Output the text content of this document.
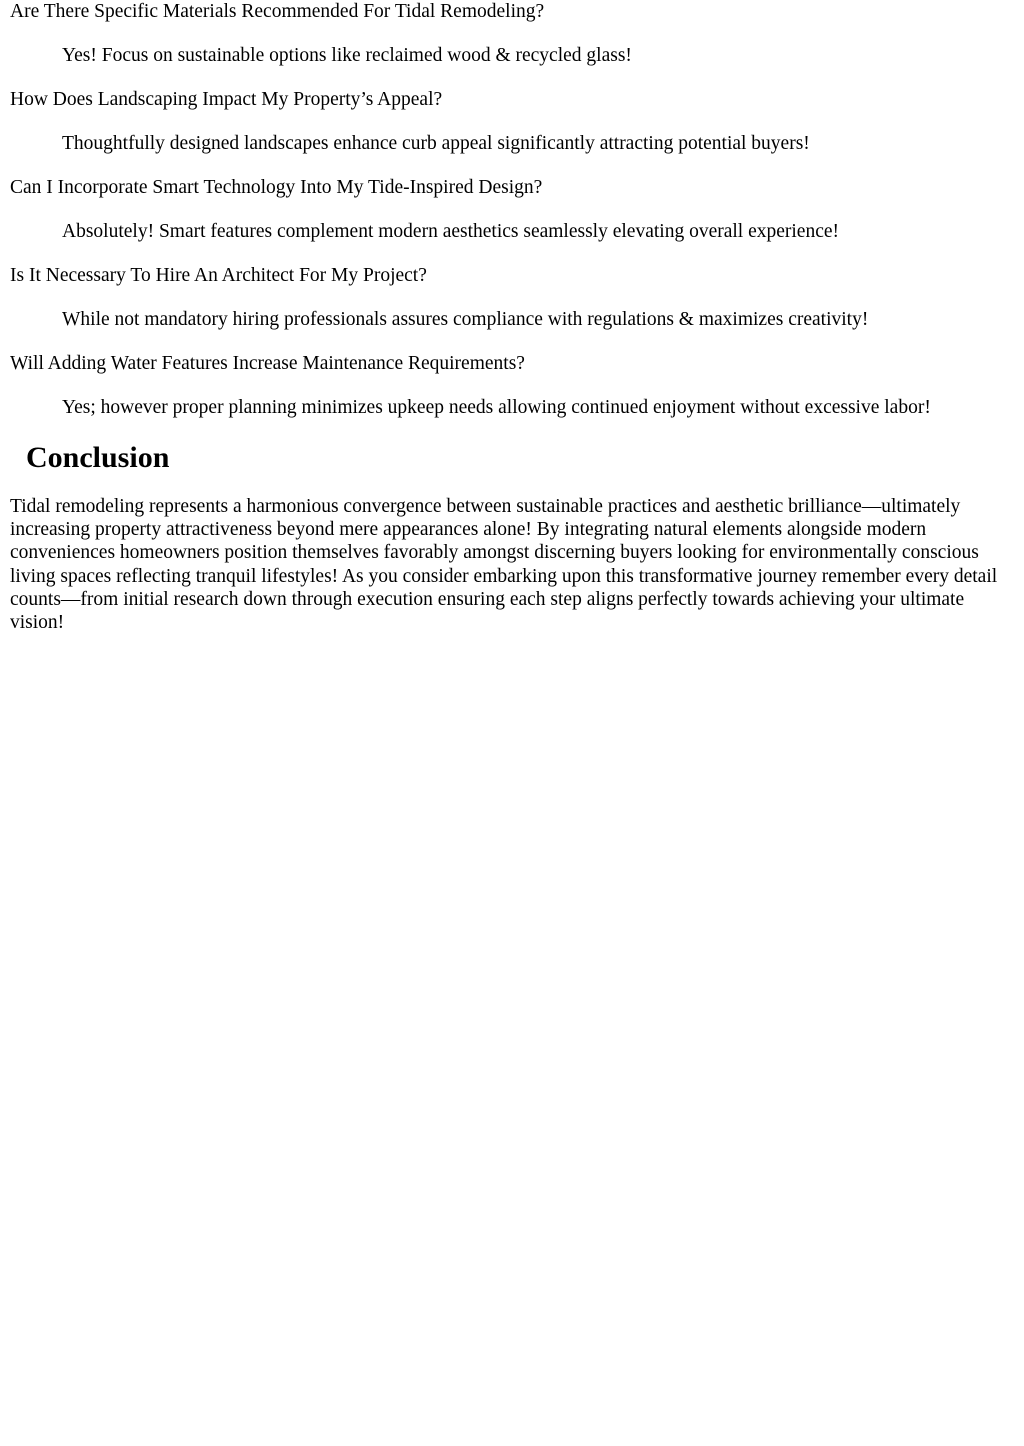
Are There Specific Materials Recommended For Tidal Remodeling?
Yes! Focus on sustainable options like reclaimed wood & recycled glass!
How Does Landscaping Impact My Property’s Appeal?
Thoughtfully designed landscapes enhance curb appeal significantly attracting potential buyers!
Can I Incorporate Smart Technology Into My Tide-Inspired Design?
Absolutely! Smart features complement modern aesthetics seamlessly elevating overall experience!
Is It Necessary To Hire An Architect For My Project?
While not mandatory hiring professionals assures compliance with regulations & maximizes creativity!
Will Adding Water Features Increase Maintenance Requirements?
Yes; however proper planning minimizes upkeep needs allowing continued enjoyment without excessive labor!
Conclusion

Tidal remodeling represents a harmonious convergence between sustainable practices and aesthetic brilliance—ultimately increasing property attractiveness beyond mere appearances alone! By integrating natural elements alongside modern conveniences homeowners position themselves favorably amongst discerning buyers looking for environmentally conscious living spaces reflecting tranquil lifestyles! As you consider embarking upon this transformative journey remember every detail counts—from initial research down through execution ensuring each step aligns perfectly towards achieving your ultimate vision!
